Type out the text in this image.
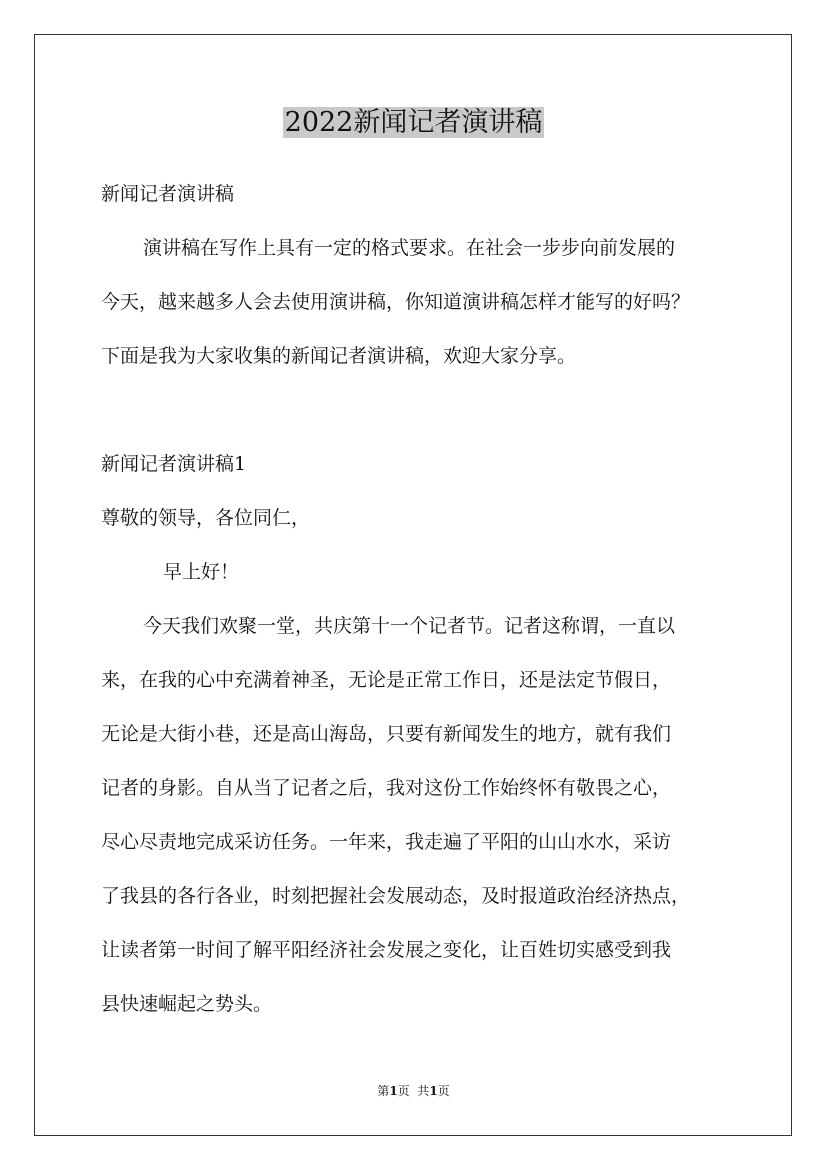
2022新闻记者演讲稿

新闻记者演讲稿

演讲稿在写作上具有一定的格式要求。在社会一步步向前发展的

今天，越来越多人会去使用演讲稿，你知道演讲稿怎样才能写的好吗？

下面是我为大家收集的新闻记者演讲稿，欢迎大家分享。

新闻记者演讲稿1

尊敬的领导，各位同仁，

早上好！

今天我们欢聚一堂，共庆第十一个记者节。记者这称谓，一直以

来，在我的心中充满着神圣，无论是正常工作日，还是法定节假日，

无论是大街小巷，还是高山海岛，只要有新闻发生的地方，就有我们

记者的身影。自从当了记者之后，我对这份工作始终怀有敬畏之心，

尽心尽责地完成采访任务。一年来，我走遍了平阳的山山水水，采访

了我县的各行各业，时刻把握社会发展动态，及时报道政治经济热点，

让读者第一时间了解平阳经济社会发展之变化，让百姓切实感受到我

县快速崛起之势头。

第1页  共1页
